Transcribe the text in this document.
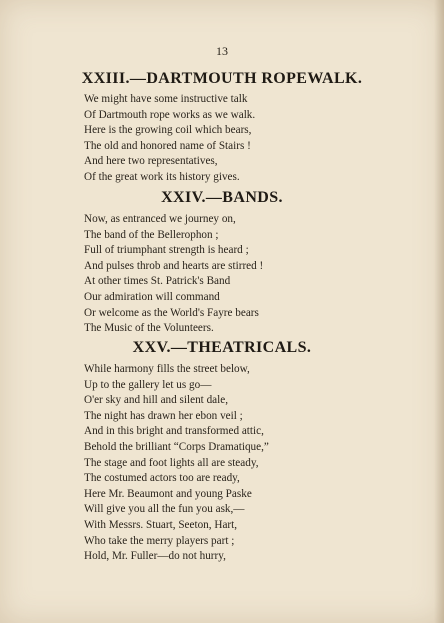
13
XXIII.—DARTMOUTH ROPEWALK.
We might have some instructive talk
Of Dartmouth rope works as we walk.
Here is the growing coil which bears,
The old and honored name of Stairs !
And here two representatives,
Of the great work its history gives.
XXIV.—BANDS.
Now, as entranced we journey on,
The band of the Bellerophon ;
Full of triumphant strength is heard ;
And pulses throb and hearts are stirred !
At other times St. Patrick's Band
Our admiration will command
Or welcome as the World's Fayre bears
The Music of the Volunteers.
XXV.—THEATRICALS.
While harmony fills the street below,
Up to the gallery let us go—
O'er sky and hill and silent dale,
The night has drawn her ebon veil ;
And in this bright and transformed attic,
Behold the brilliant “Corps Dramatique,”
The stage and foot lights all are steady,
The costumed actors too are ready,
Here Mr. Beaumont and young Paske
Will give you all the fun you ask,—
With Messrs. Stuart, Seeton, Hart,
Who take the merry players part ;
Hold, Mr. Fuller—do not hurry,
